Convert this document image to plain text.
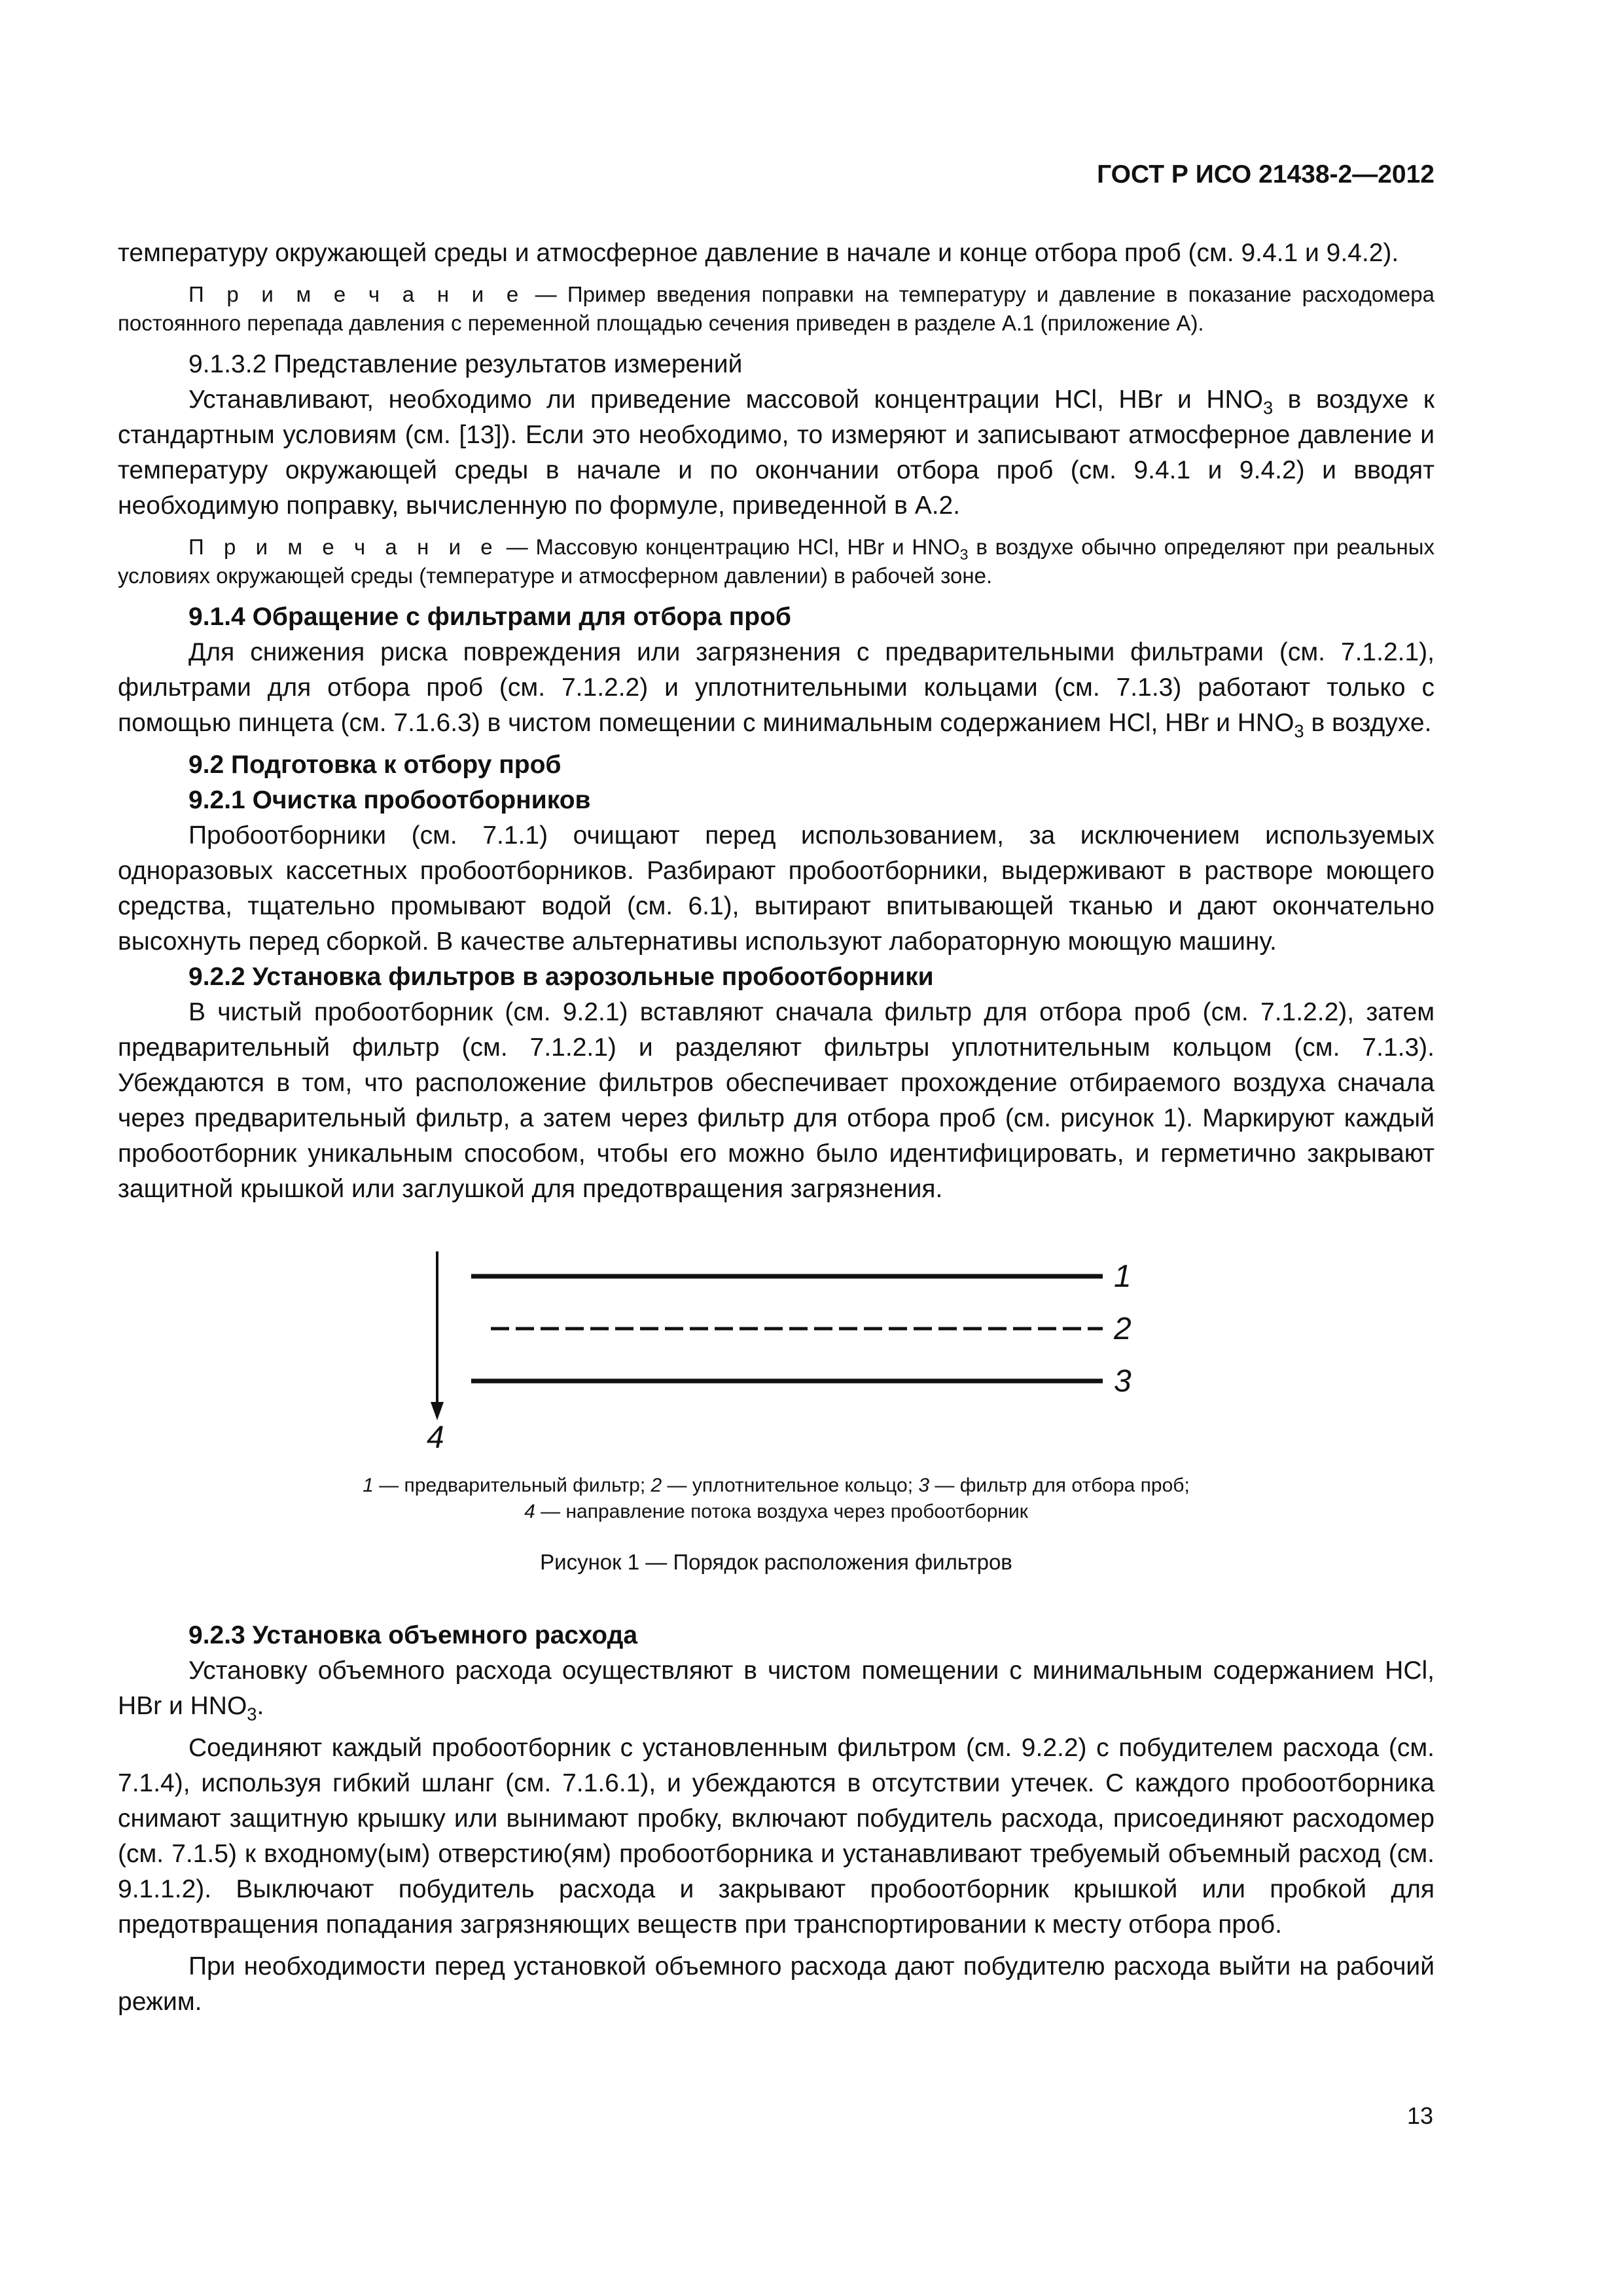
ГОСТ Р ИСО 21438-2—2012

температуру окружающей среды и атмосферное давление в начале и конце отбора проб (см. 9.4.1 и 9.4.2).

П р и м е ч а н и е — Пример введения поправки на температуру и давление в показание расходомера постоянного перепада давления с переменной площадью сечения приведен в разделе А.1 (приложение А).

9.1.3.2 Представление результатов измерений

Устанавливают, необходимо ли приведение массовой концентрации HCl, HBr и $HNO_3$ в воздухе к стандартным условиям (см. [13]). Если это необходимо, то измеряют и записывают атмосферное давление и температуру окружающей среды в начале и по окончании отбора проб (см. 9.4.1 и 9.4.2) и вводят необходимую поправку, вычисленную по формуле, приведенной в А.2.

П р и м е ч а н и е — Массовую концентрацию HCl, HBr и $HNO_3$ в воздухе обычно определяют при реальных условиях окружающей среды (температуре и атмосферном давлении) в рабочей зоне.

9.1.4 Обращение с фильтрами для отбора проб

Для снижения риска повреждения или загрязнения с предварительными фильтрами (см. 7.1.2.1), фильтрами для отбора проб (см. 7.1.2.2) и уплотнительными кольцами (см. 7.1.3) работают только с помощью пинцета (см. 7.1.6.3) в чистом помещении с минимальным содержанием HCl, HBr и $HNO_3$ в воздухе.

9.2 Подготовка к отбору проб

9.2.1 Очистка пробоотборников

Пробоотборники (см. 7.1.1) очищают перед использованием, за исключением используемых одноразовых кассетных пробоотборников. Разбирают пробоотборники, выдерживают в растворе моющего средства, тщательно промывают водой (см. 6.1), вытирают впитывающей тканью и дают окончательно высохнуть перед сборкой. В качестве альтернативы используют лабораторную моющую машину.

9.2.2 Установка фильтров в аэрозольные пробоотборники

В чистый пробоотборник (см. 9.2.1) вставляют сначала фильтр для отбора проб (см. 7.1.2.2), затем предварительный фильтр (см. 7.1.2.1) и разделяют фильтры уплотнительным кольцом (см. 7.1.3). Убеждаются в том, что расположение фильтров обеспечивает прохождение отбираемого воздуха сначала через предварительный фильтр, а затем через фильтр для отбора проб (см. рисунок 1). Маркируют каждый пробоотборник уникальным способом, чтобы его можно было идентифицировать, и герметично закрывают защитной крышкой или заглушкой для предотвращения загрязнения.

1
2
3
4

1 — предварительный фильтр; 2 — уплотнительное кольцо; 3 — фильтр для отбора проб;

4 — направление потока воздуха через пробоотборник

Рисунок 1 — Порядок расположения фильтров

9.2.3 Установка объемного расхода

Установку объемного расхода осуществляют в чистом помещении с минимальным содержанием HCl, HBr и $HNO_3$.

Соединяют каждый пробоотборник с установленным фильтром (см. 9.2.2) с побудителем расхода (см. 7.1.4), используя гибкий шланг (см. 7.1.6.1), и убеждаются в отсутствии утечек. С каждого пробоотборника снимают защитную крышку или вынимают пробку, включают побудитель расхода, присоединяют расходомер (см. 7.1.5) к входному(ым) отверстию(ям) пробоотборника и устанавливают требуемый объемный расход (см. 9.1.1.2). Выключают побудитель расхода и закрывают пробоотборник крышкой или пробкой для предотвращения попадания загрязняющих веществ при транспортировании к месту отбора проб.

При необходимости перед установкой объемного расхода дают побудителю расхода выйти на рабочий режим.

13
